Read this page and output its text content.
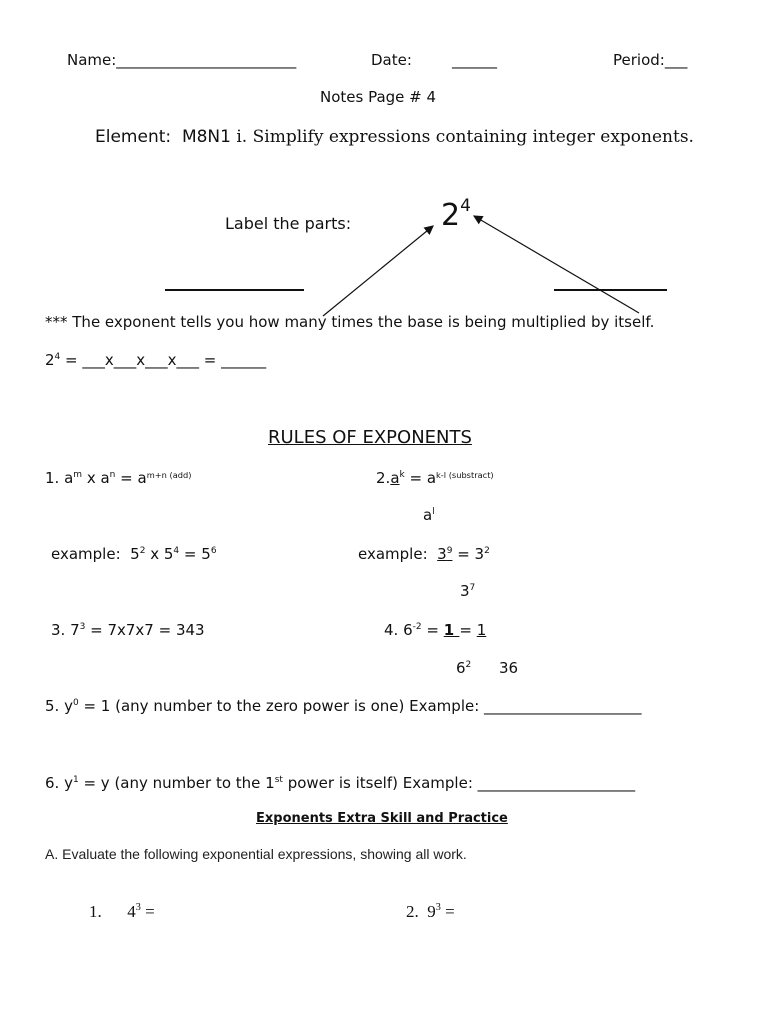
Name:________________________	Date:	______	Period:___
Notes Page # 4
Element: M8N1 i. Simplify expressions containing integer exponents.
Label the parts:	$2^4$
*** The exponent tells you how many times the base is being multiplied by itself.
$2^4$ = ___x___x___x___ = ______
RULES OF EXPONENTS
1. $a^m$ x $a^n = a^{m+n (add)}$	$2.a^k = a^{k-l (substract)}$
$a^l$
example: $5^2$ x $5^4 = 5^6$	example: $3^9 = 3^2$
$3^7$
3. $7^3 = 7x7x7 = 343$	4. $6^{-2} = 1 = 1$
$6^2$ 36
5. $y^0 = 1$ (any number to the zero power is one) Example: _____________________
6. $y^1 = y$ (any number to the 1st power is itself) Example: _____________________
Exponents Extra Skill and Practice
A. Evaluate the following exponential expressions, showing all work.
1. $4^3$ =	2. $9^3$ =
